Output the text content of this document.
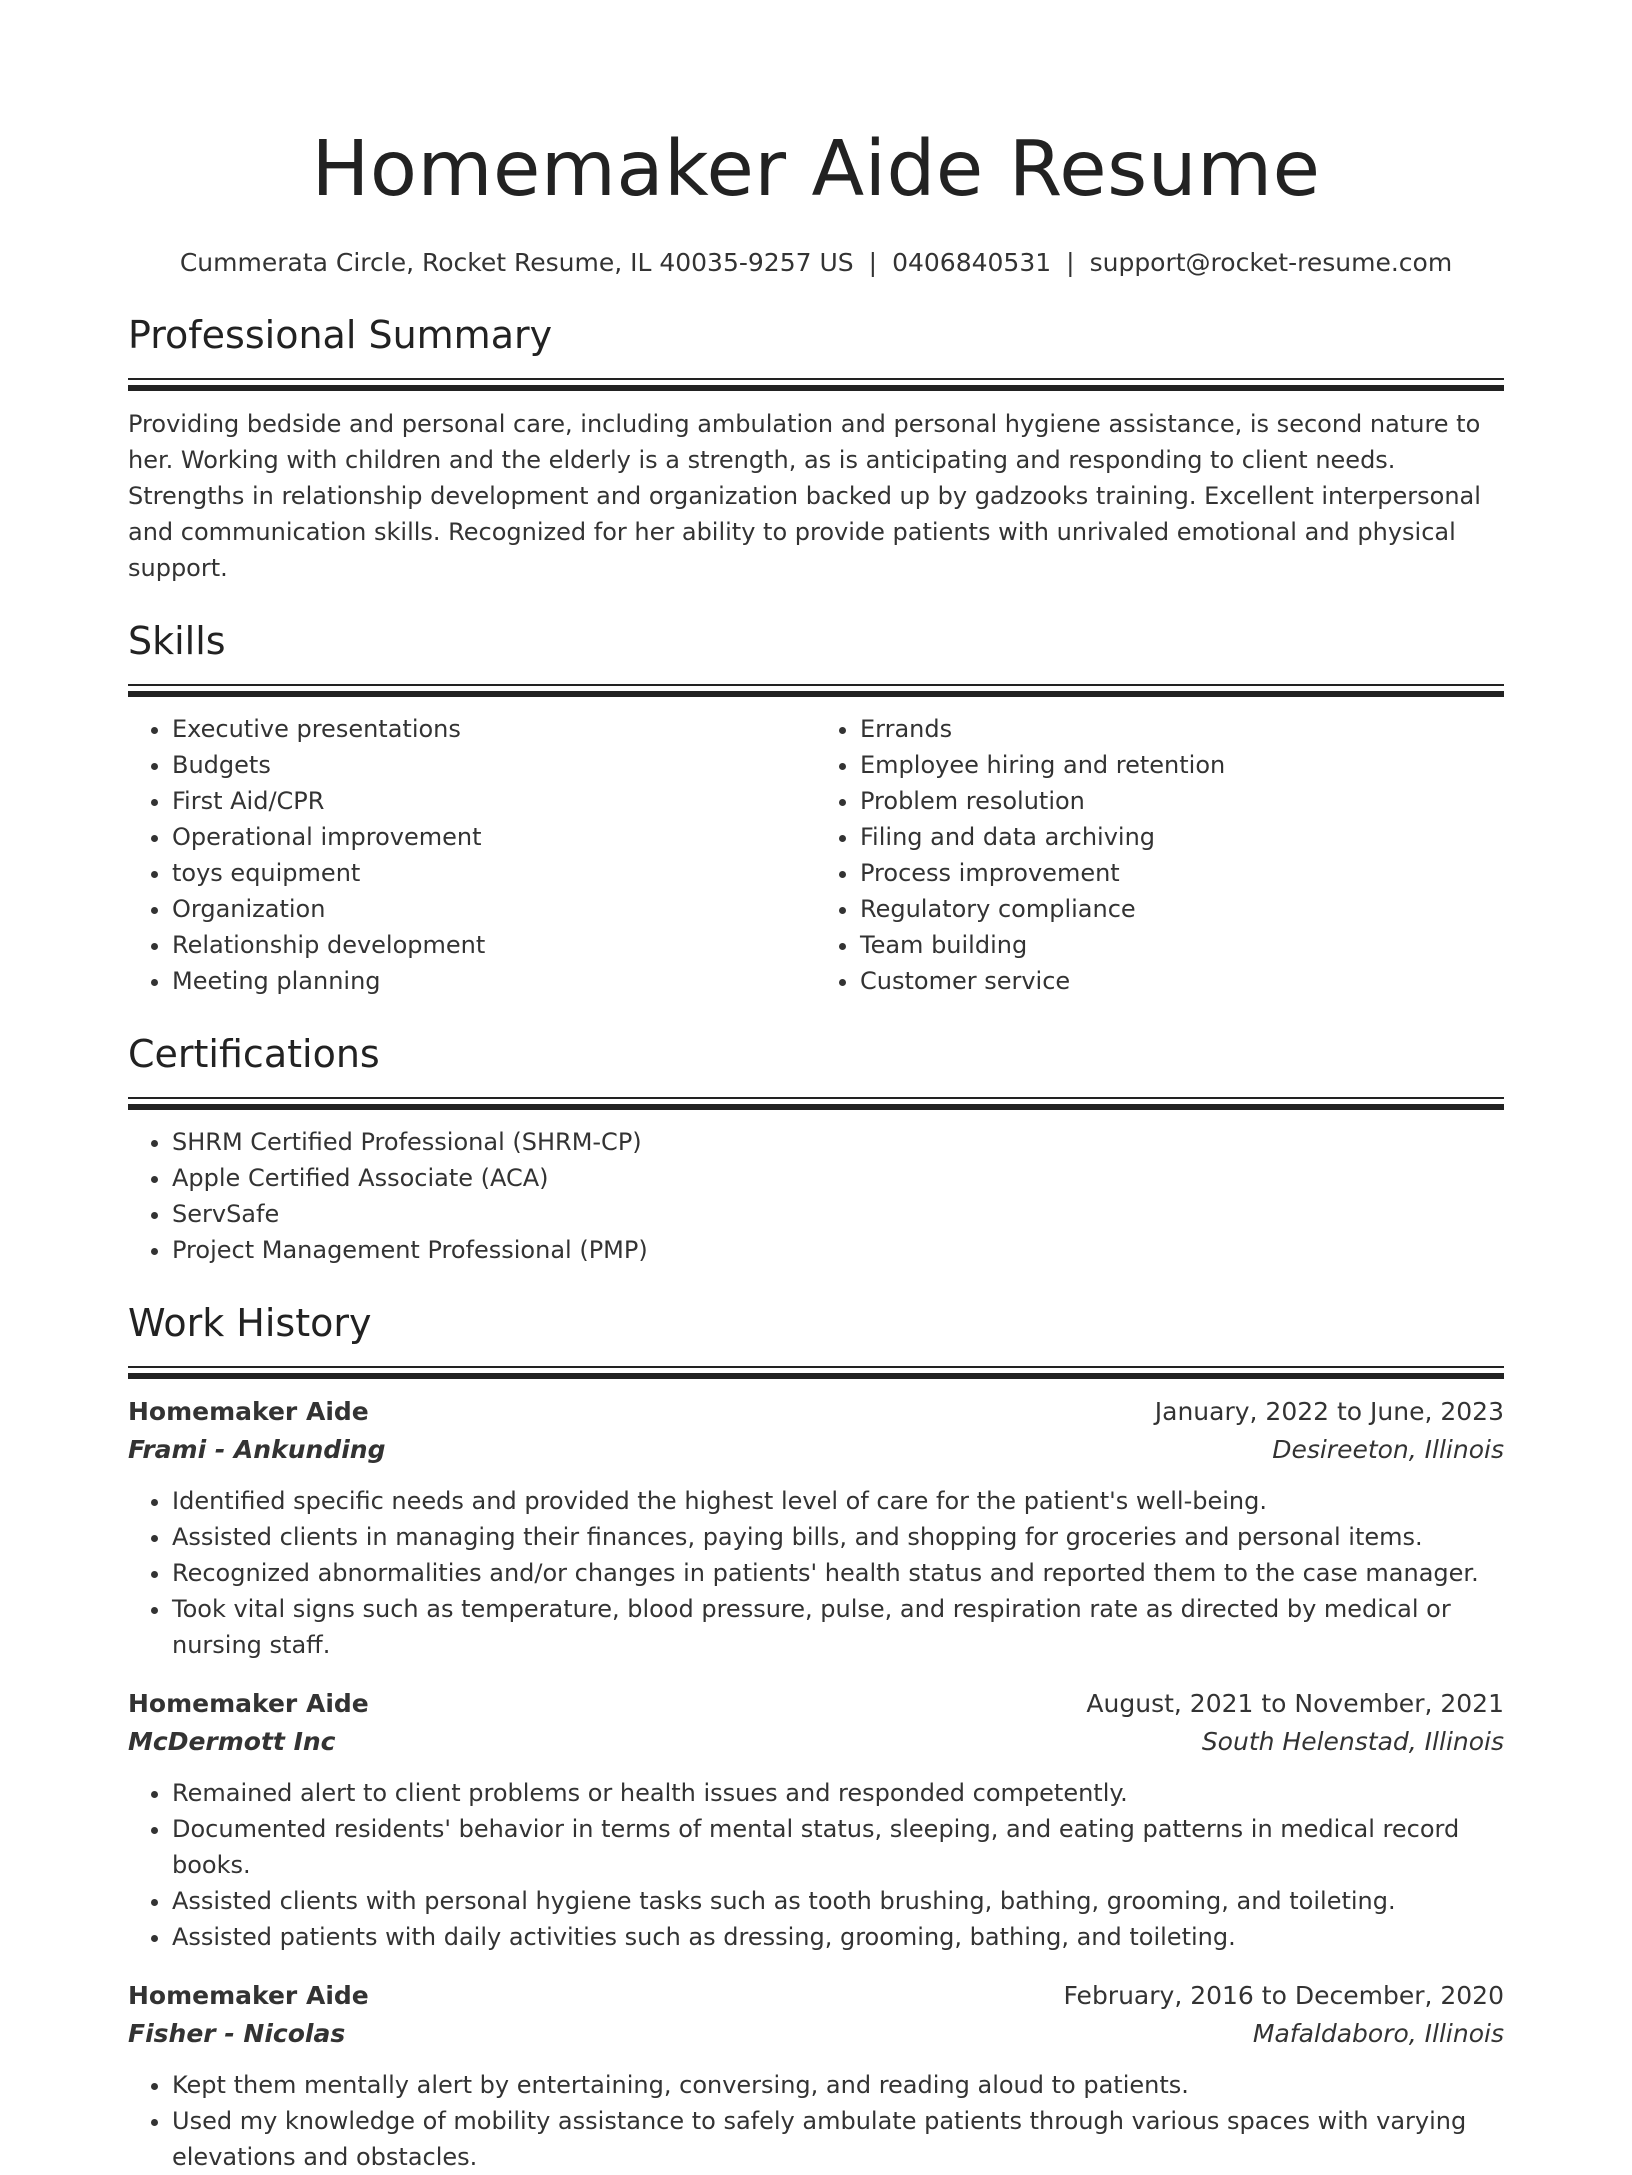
Homemaker Aide Resume
Cummerata Circle, Rocket Resume, IL 40035-9257 US | 0406840531 | support@rocket-resume.com
Professional Summary
Providing bedside and personal care, including ambulation and personal hygiene assistance, is second nature to her. Working with children and the elderly is a strength, as is anticipating and responding to client needs. Strengths in relationship development and organization backed up by gadzooks training. Excellent interpersonal and communication skills. Recognized for her ability to provide patients with unrivaled emotional and physical support.
Skills
• Executive presentations
• Budgets
• First Aid/CPR
• Operational improvement
• toys equipment
• Organization
• Relationship development
• Meeting planning
• Errands
• Employee hiring and retention
• Problem resolution
• Filing and data archiving
• Process improvement
• Regulatory compliance
• Team building
• Customer service
Certifications
• SHRM Certified Professional (SHRM-CP)
• Apple Certified Associate (ACA)
• ServSafe
• Project Management Professional (PMP)
Work History
Homemaker Aide	January, 2022 to June, 2023
Frami - Ankunding	Desireeton, Illinois
• Identified specific needs and provided the highest level of care for the patient's well-being.
• Assisted clients in managing their finances, paying bills, and shopping for groceries and personal items.
• Recognized abnormalities and/or changes in patients' health status and reported them to the case manager.
• Took vital signs such as temperature, blood pressure, pulse, and respiration rate as directed by medical or nursing staff.
Homemaker Aide	August, 2021 to November, 2021
McDermott Inc	South Helenstad, Illinois
• Remained alert to client problems or health issues and responded competently.
• Documented residents' behavior in terms of mental status, sleeping, and eating patterns in medical record books.
• Assisted clients with personal hygiene tasks such as tooth brushing, bathing, grooming, and toileting.
• Assisted patients with daily activities such as dressing, grooming, bathing, and toileting.
Homemaker Aide	February, 2016 to December, 2020
Fisher - Nicolas	Mafaldaboro, Illinois
• Kept them mentally alert by entertaining, conversing, and reading aloud to patients.
• Used my knowledge of mobility assistance to safely ambulate patients through various spaces with varying elevations and obstacles.
